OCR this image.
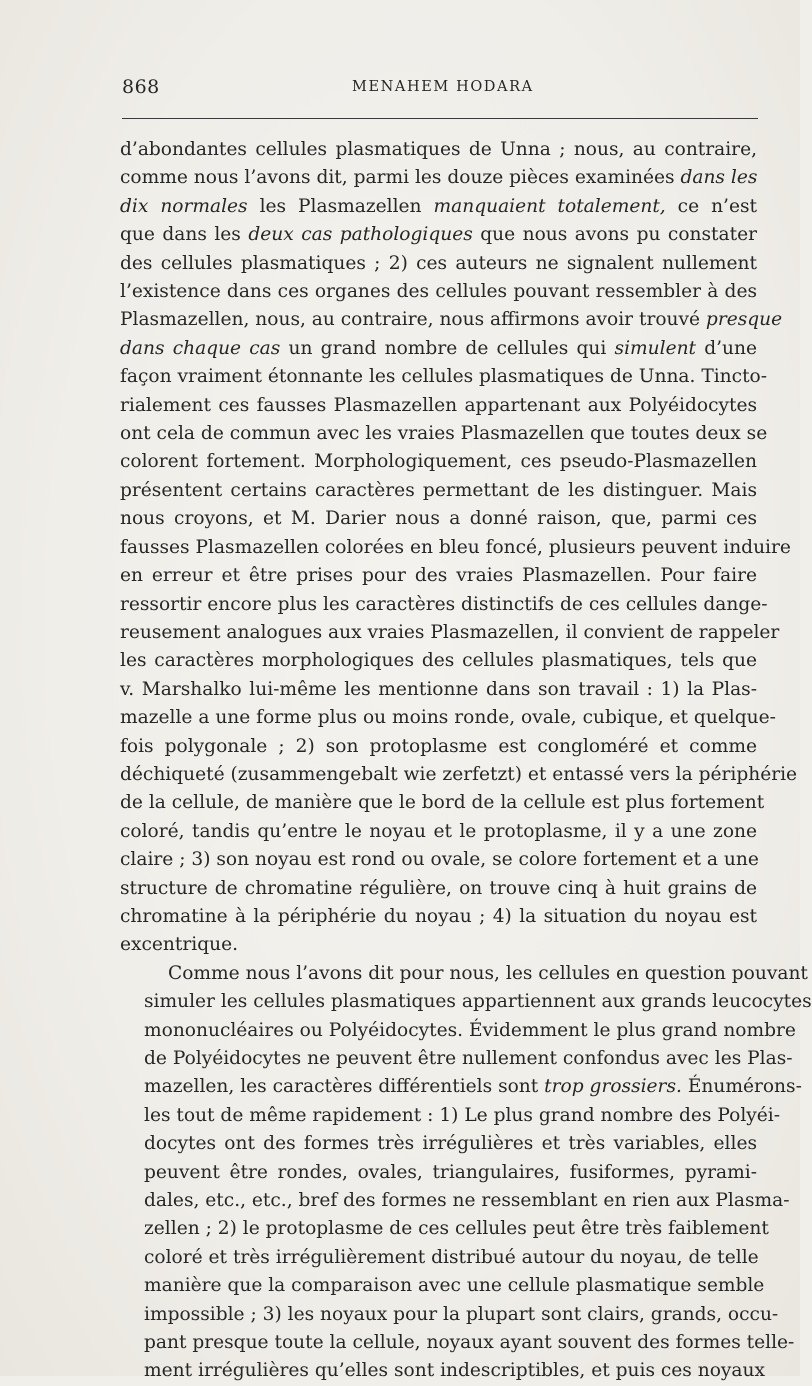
868	MENAHEM HODARA
d’abondantes cellules plasmatiques de Unna ; nous, au contraire,
comme nous l’avons dit, parmi les douze pièces examinées dans les
dix normales les Plasmazellen manquaient totalement, ce n’est
que dans les deux cas pathologiques que nous avons pu constater
des cellules plasmatiques ; 2) ces auteurs ne signalent nullement
l’existence dans ces organes des cellules pouvant ressembler à des
Plasmazellen, nous, au contraire, nous affirmons avoir trouvé presque
dans chaque cas un grand nombre de cellules qui simulent d’une
façon vraiment étonnante les cellules plasmatiques de Unna. Tincto-
rialement ces fausses Plasmazellen appartenant aux Polyéidocytes
ont cela de commun avec les vraies Plasmazellen que toutes deux se
colorent fortement. Morphologiquement, ces pseudo-Plasmazellen
présentent certains caractères permettant de les distinguer. Mais
nous croyons, et M. Darier nous a donné raison, que, parmi ces
fausses Plasmazellen colorées en bleu foncé, plusieurs peuvent induire
en erreur et être prises pour des vraies Plasmazellen. Pour faire
ressortir encore plus les caractères distinctifs de ces cellules dange-
reusement analogues aux vraies Plasmazellen, il convient de rappeler
les caractères morphologiques des cellules plasmatiques, tels que
v. Marshalko lui-même les mentionne dans son travail : 1) la Plas-
mazelle a une forme plus ou moins ronde, ovale, cubique, et quelque-
fois polygonale ; 2) son protoplasme est congloméré et comme
déchiqueté (zusammengebalt wie zerfetzt) et entassé vers la périphérie
de la cellule, de manière que le bord de la cellule est plus fortement
coloré, tandis qu’entre le noyau et le protoplasme, il y a une zone
claire ; 3) son noyau est rond ou ovale, se colore fortement et a une
structure de chromatine régulière, on trouve cinq à huit grains de
chromatine à la périphérie du noyau ; 4) la situation du noyau est
excentrique.
Comme nous l’avons dit pour nous, les cellules en question pouvant
simuler les cellules plasmatiques appartiennent aux grands leucocytes
mononucléaires ou Polyéidocytes. Évidemment le plus grand nombre
de Polyéidocytes ne peuvent être nullement confondus avec les Plas-
mazellen, les caractères différentiels sont trop grossiers. Énumérons-
les tout de même rapidement : 1) Le plus grand nombre des Polyéi-
docytes ont des formes très irrégulières et très variables, elles
peuvent être rondes, ovales, triangulaires, fusiformes, pyrami-
dales, etc., etc., bref des formes ne ressemblant en rien aux Plasma-
zellen ; 2) le protoplasme de ces cellules peut être très faiblement
coloré et très irrégulièrement distribué autour du noyau, de telle
manière que la comparaison avec une cellule plasmatique semble
impossible ; 3) les noyaux pour la plupart sont clairs, grands, occu-
pant presque toute la cellule, noyaux ayant souvent des formes telle-
ment irrégulières qu’elles sont indescriptibles, et puis ces noyaux
